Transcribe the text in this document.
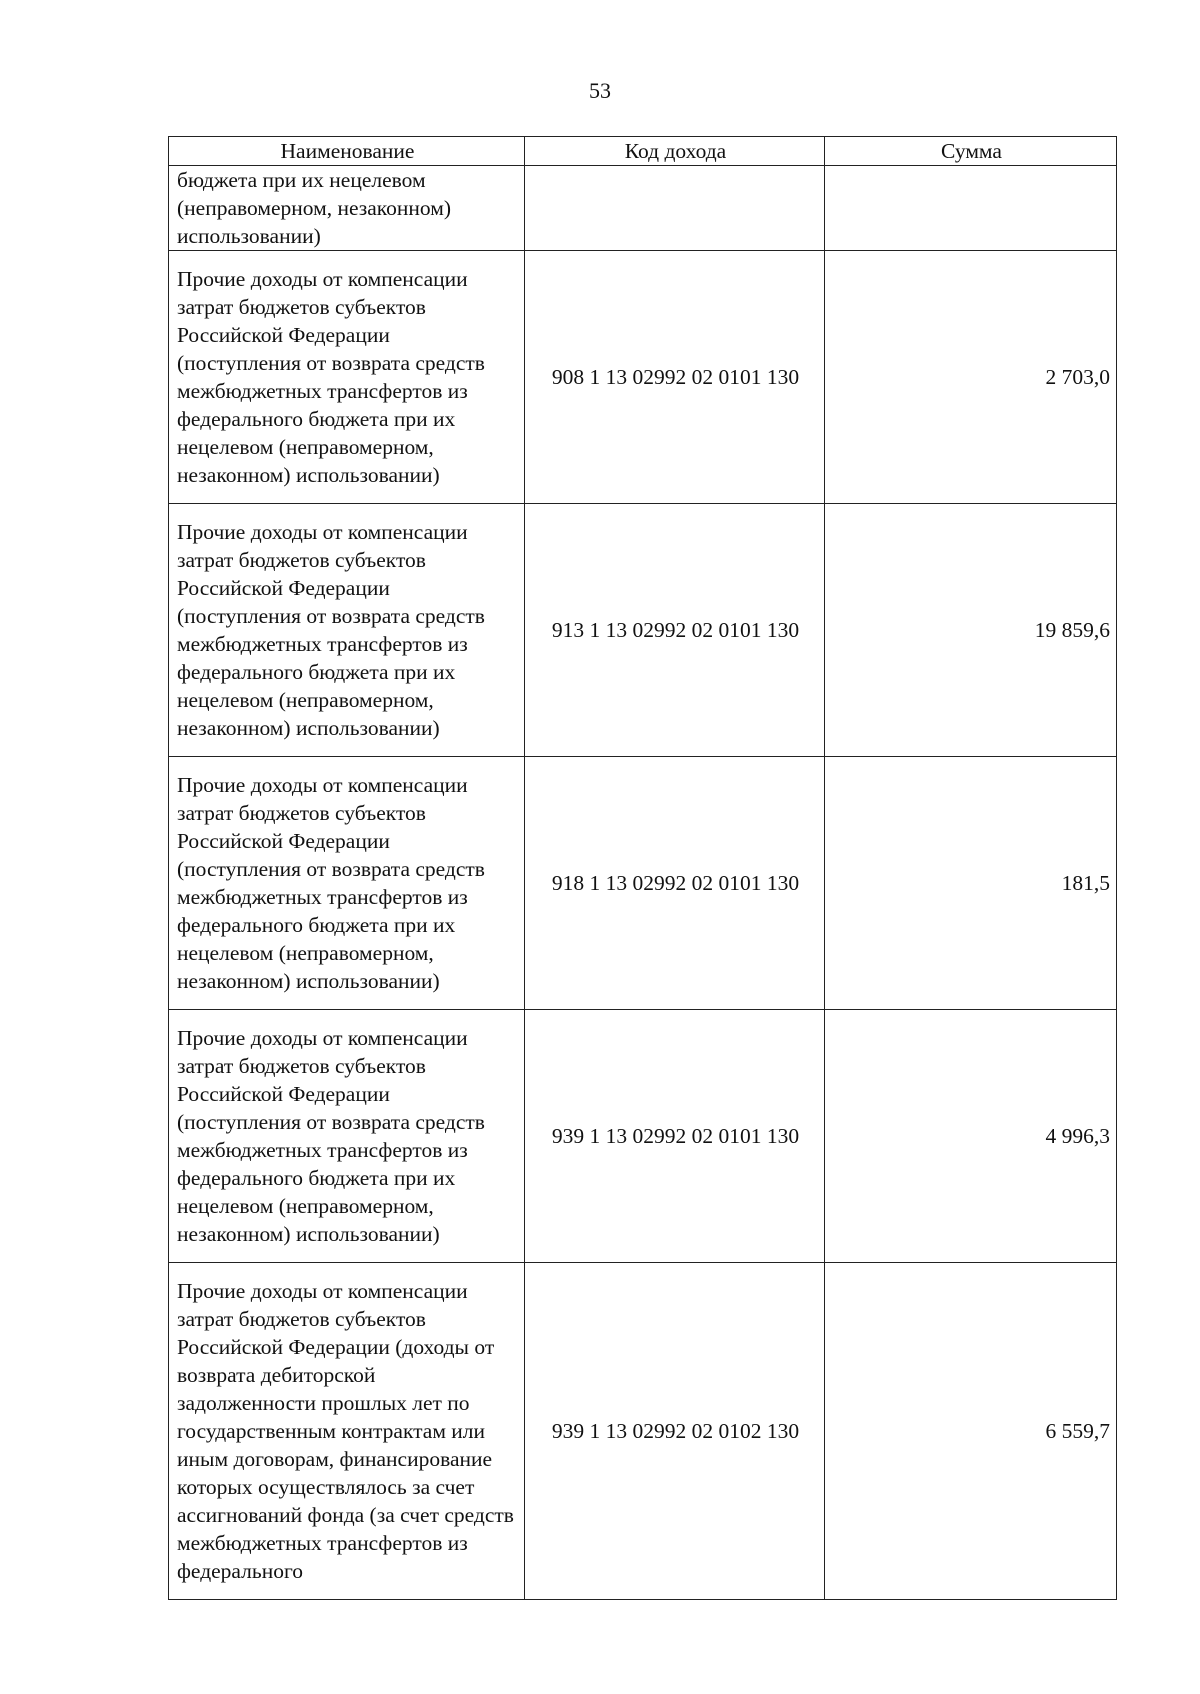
53
Наименование	Код дохода	Сумма
бюджета при их нецелевом (неправомерном, незаконном) использовании)		
Прочие доходы от компенсации затрат бюджетов субъектов Российской Федерации (поступления от возврата средств межбюджетных трансфертов из федерального бюджета при их нецелевом (неправомерном, незаконном) использовании)	908 1 13 02992 02 0101 130	2 703,0
Прочие доходы от компенсации затрат бюджетов субъектов Российской Федерации (поступления от возврата средств межбюджетных трансфертов из федерального бюджета при их нецелевом (неправомерном, незаконном) использовании)	913 1 13 02992 02 0101 130	19 859,6
Прочие доходы от компенсации затрат бюджетов субъектов Российской Федерации (поступления от возврата средств межбюджетных трансфертов из федерального бюджета при их нецелевом (неправомерном, незаконном) использовании)	918 1 13 02992 02 0101 130	181,5
Прочие доходы от компенсации затрат бюджетов субъектов Российской Федерации (поступления от возврата средств межбюджетных трансфертов из федерального бюджета при их нецелевом (неправомерном, незаконном) использовании)	939 1 13 02992 02 0101 130	4 996,3
Прочие доходы от компенсации затрат бюджетов субъектов Российской Федерации (доходы от возврата дебиторской задолженности прошлых лет по государственным контрактам или иным договорам, финансирование которых осуществлялось за счет ассигнований фонда (за счет средств межбюджетных трансфертов из федерального	939 1 13 02992 02 0102 130	6 559,7
